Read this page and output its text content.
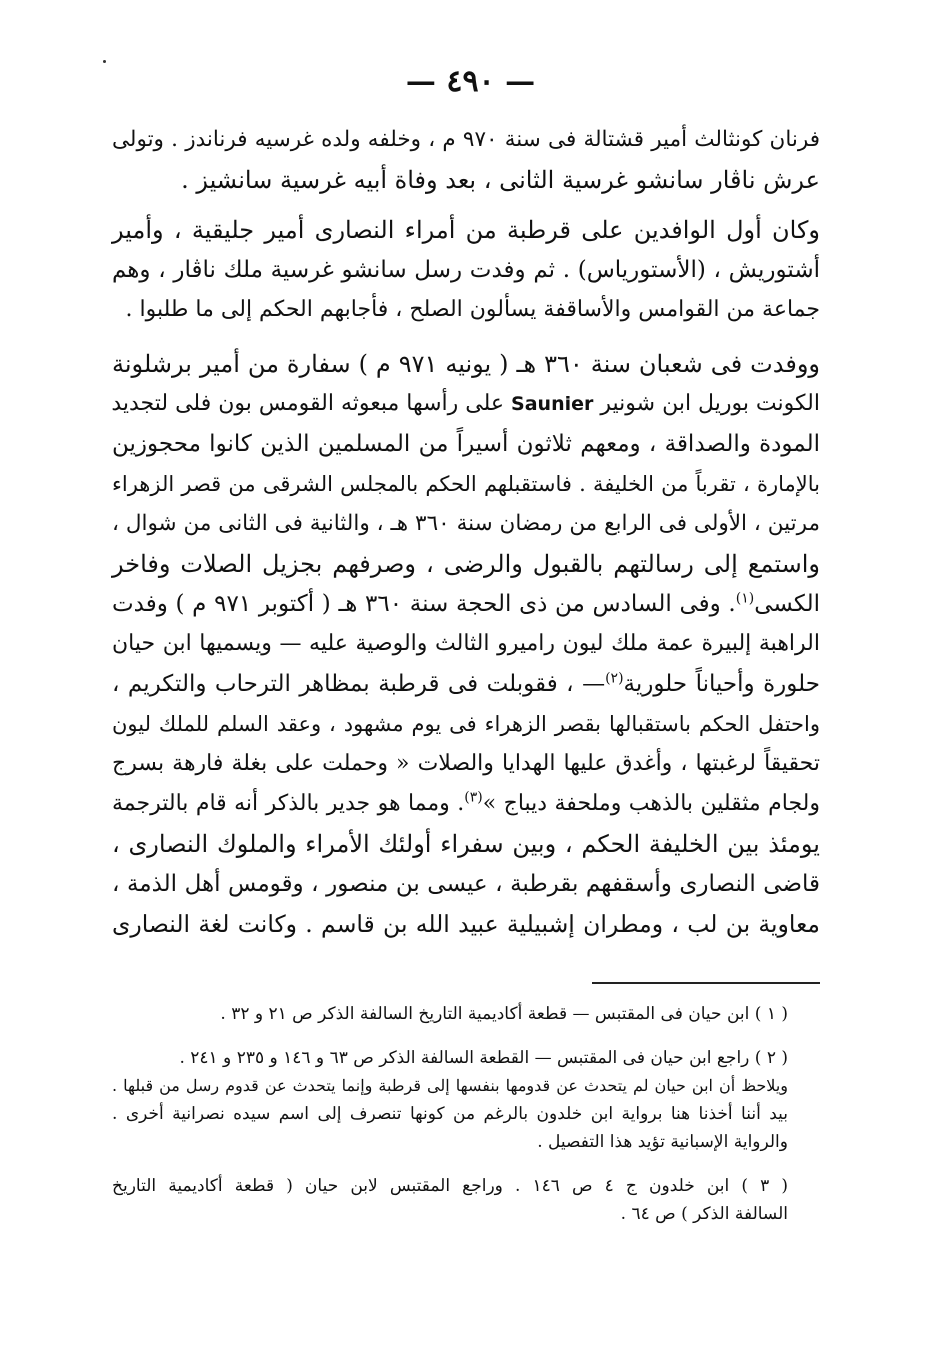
— ٤٩٠ —

فرنان كونثالث أمير قشتالة فى سنة ٩٧٠ م ، وخلفه ولده غرسيه فرناندز . وتولى
عرش ناڤار سانشو غرسية الثانى ، بعد وفاة أبيه غرسية سانشيز .

وكان أول الوافدين على قرطبة من أمراء النصارى أمير جليقية ، وأمير
أشتوريش ، (الأستورياس) . ثم وفدت رسل سانشو غرسية ملك ناڤار ، وهم
جماعة من القوامس والأساقفة يسألون الصلح ، فأجابهم الحكم إلى ما طلبوا .

ووفدت فى شعبان سنة ٣٦٠ هـ ( يونيه ٩٧١ م ) سفارة من أمير برشلونة
الكونت بوريل ابن شونير Saunier على رأسها مبعوثه القومس بون فلى لتجديد
المودة والصداقة ، ومعهم ثلاثون أسيراً من المسلمين الذين كانوا محجوزين
بالإمارة ، تقرباً من الخليفة . فاستقبلهم الحكم بالمجلس الشرقى من قصر الزهراء
مرتين ، الأولى فى الرابع من رمضان سنة ٣٦٠ هـ ، والثانية فى الثانى من شوال ،
واستمع إلى رسالتهم بالقبول والرضى ، وصرفهم بجزيل الصلات وفاخر
الكسى$^{(١)}$. وفى السادس من ذى الحجة سنة ٣٦٠ هـ ( أكتوبر ٩٧١ م ) وفدت
الراهبة إلبيرة عمة ملك ليون راميرو الثالث والوصية عليه — ويسميها ابن حيان
حلورة وأحياناً حلورية$^{(٢)}$— ، فقوبلت فى قرطبة بمظاهر الترحاب والتكريم ،
واحتفل الحكم باستقبالها بقصر الزهراء فى يوم مشهود ، وعقد السلم للملك ليون
تحقيقاً لرغبتها ، وأغدق عليها الهدايا والصلات « وحملت على بغلة فارهة بسرج
ولجام مثقلين بالذهب وملحفة ديباج »$^{(٣)}$. ومما هو جدير بالذكر أنه قام بالترجمة
يومئذ بين الخليفة الحكم ، وبين سفراء أولئك الأمراء والملوك النصارى ،
قاضى النصارى وأسقفهم بقرطبة ، عيسى بن منصور ، وقومس أهل الذمة ،
معاوية بن لب ، ومطران إشبيلية عبيد الله بن قاسم . وكانت لغة النصارى

( ١ ) ابن حيان فى المقتبس — قطعة أكاديمية التاريخ السالفة الذكر ص ٢١ و ٣٢ .
( ٢ ) راجع ابن حيان فى المقتبس — القطعة السالفة الذكر ص ٦٣ و ١٤٦ و ٢٣٥ و ٢٤١ .
ويلاحظ أن ابن حيان لم يتحدث عن قدومها بنفسها إلى قرطبة وإنما يتحدث عن قدوم رسل من قبلها .
بيد أننا أخذنا هنا برواية ابن خلدون بالرغم من كونها تنصرف إلى اسم سيده نصرانية أخرى .
والرواية الإسبانية تؤيد هذا التفصيل .
( ٣ ) ابن خلدون ج ٤ ص ١٤٦ . وراجع المقتبس لابن حيان ( قطعة أكاديمية التاريخ
السالفة الذكر ) ص ٦٤ .
